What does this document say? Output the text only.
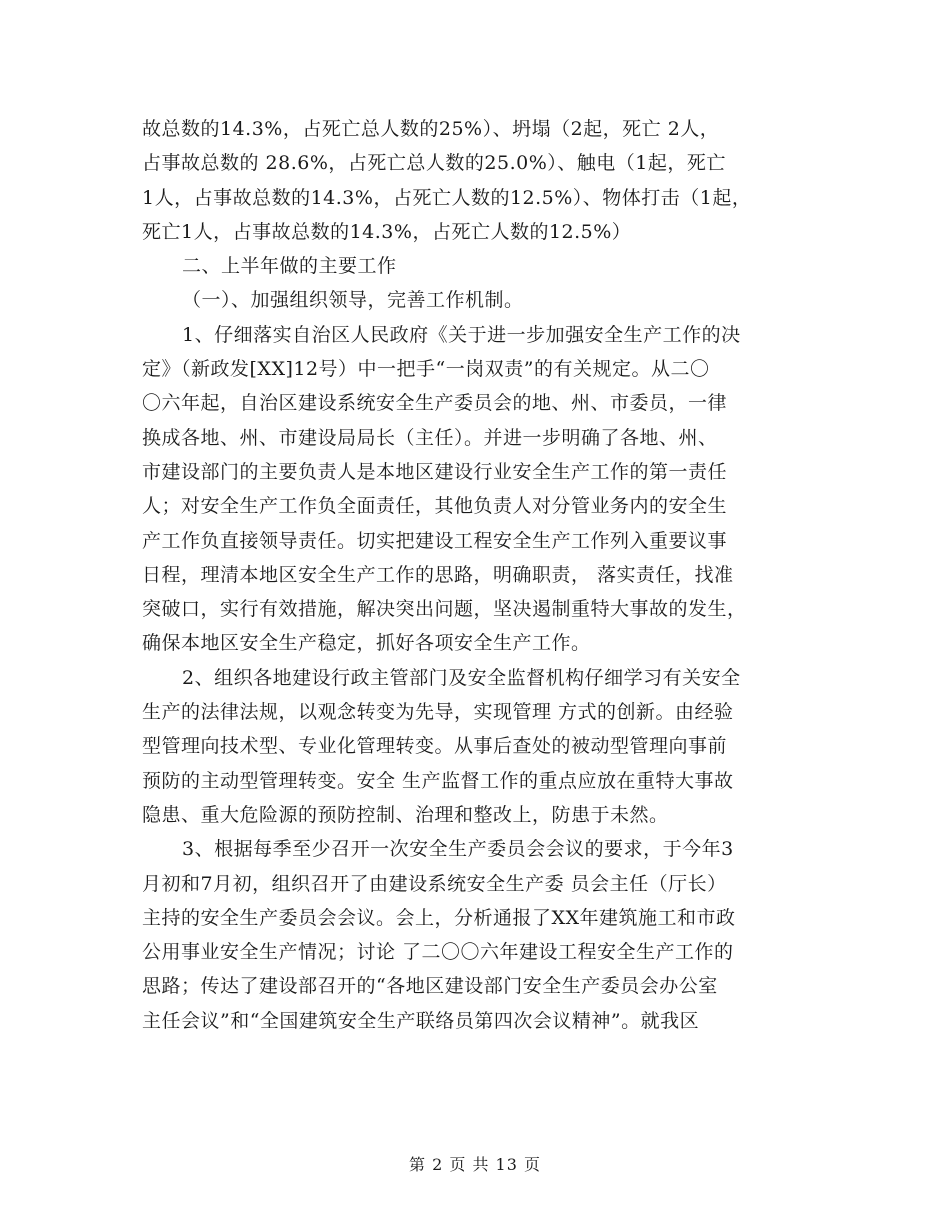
故总数的14.3%，占死亡总人数的25%）、坍塌（2起，死亡 2人，
占事故总数的 28.6%，占死亡总人数的25.0%）、触电（1起，死亡
1人，占事故总数的14.3%，占死亡人数的12.5%）、物体打击（1起，
死亡1人，占事故总数的14.3%，占死亡人数的12.5%）
二、上半年做的主要工作
（一）、加强组织领导，完善工作机制。
1、仔细落实自治区人民政府《关于进一步加强安全生产工作的决
定》（新政发[XX]12号）中一把手“一岗双责”的有关规定。从二〇
〇六年起，自治区建设系统安全生产委员会的地、州、市委员，一律
换成各地、州、市建设局局长（主任）。并进一步明确了各地、州、
市建设部门的主要负责人是本地区建设行业安全生产工作的第一责任
人；对安全生产工作负全面责任，其他负责人对分管业务内的安全生
产工作负直接领导责任。切实把建设工程安全生产工作列入重要议事
日程，理清本地区安全生产工作的思路，明确职责， 落实责任，找准
突破口，实行有效措施，解决突出问题，坚决遏制重特大事故的发生，
确保本地区安全生产稳定，抓好各项安全生产工作。
2、组织各地建设行政主管部门及安全监督机构仔细学习有关安全
生产的法律法规，以观念转变为先导，实现管理 方式的创新。由经验
型管理向技术型、专业化管理转变。从事后查处的被动型管理向事前
预防的主动型管理转变。安全 生产监督工作的重点应放在重特大事故
隐患、重大危险源的预防控制、治理和整改上，防患于未然。
3、根据每季至少召开一次安全生产委员会会议的要求，于今年3
月初和7月初，组织召开了由建设系统安全生产委 员会主任（厅长）
主持的安全生产委员会会议。会上，分析通报了XX年建筑施工和市政
公用事业安全生产情况；讨论 了二〇〇六年建设工程安全生产工作的
思路；传达了建设部召开的“各地区建设部门安全生产委员会办公室
主任会议”和“全国建筑安全生产联络员第四次会议精神”。就我区
第 2 页 共 13 页
